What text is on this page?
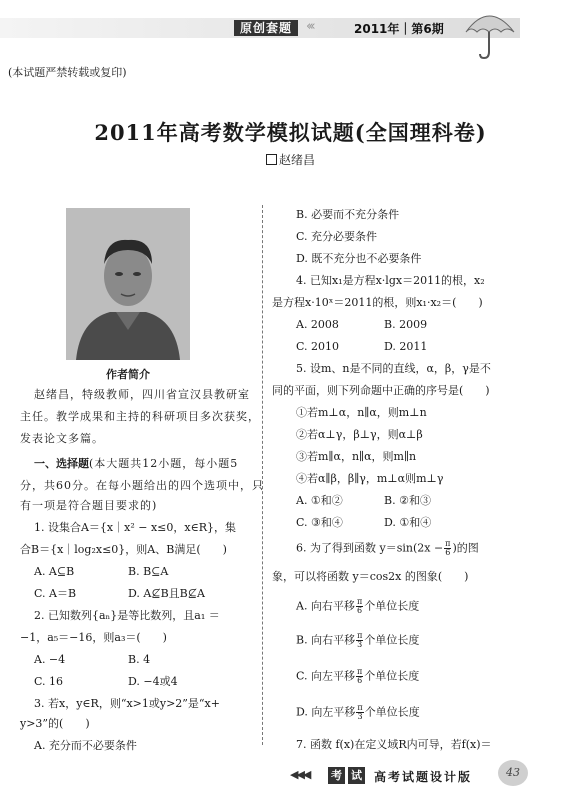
原创套题	‹‹‹	2011年｜第6期
(本试题严禁转载或复印)
2011年高考数学模拟试题(全国理科卷)
赵绪昌
作者简介
赵绪昌，特级教师，四川省宣汉县教研室
主任。教学成果和主持的科研项目多次获奖，
发表论文多篇。
一、选择题(本大题共12小题，每小题5
分，共60分。在每小题给出的四个选项中，只
有一项是符合题目要求的)
1. 设集合A＝{x｜x² − x≤0，x∈R}，集
合B＝{x｜log₂x≤0}，则A、B满足(　　)
A. A⊆B	B. B⊆A
C. A＝B	D. A⊈B且B⊈A
2. 已知数列{aₙ}是等比数列，且a₁ ＝
−1，a₅＝−16，则a₃＝(　　)
A. −4	B. 4
C. 16	D. −4或4
3. 若x，y∈R，则“x>1或y>2”是“x+
y>3”的(　　)
A. 充分而不必要条件
B. 必要而不充分条件
C. 充分必要条件
D. 既不充分也不必要条件
4. 已知x₁是方程x·lgx＝2011的根，x₂
是方程x·10ˣ＝2011的根，则x₁·x₂＝(　　)
A. 2008	B. 2009
C. 2010	D. 2011
5. 设m、n是不同的直线，α，β，γ是不
同的平面，则下列命题中正确的序号是(　　)
①若m⊥α，n∥α，则m⊥n
②若α⊥γ，β⊥γ，则α⊥β
③若m∥α，n∥α，则m∥n
④若α∥β，β∥γ，m⊥α则m⊥γ
A. ①和②	B. ②和③
C. ③和④	D. ①和④
6. 为了得到函数 $y=\sin(2x - \frac{\pi}{6}$ )的图
象，可以将函数 y＝cos2x 的图象(　　)
A. 向右平移 $\frac{\pi}{6}$ 个单位长度
B. 向右平移 $\frac{\pi}{3}$ 个单位长度
C. 向左平移 $\frac{\pi}{6}$ 个单位长度
D. 向左平移 $\frac{\pi}{3}$ 个单位长度
7. 函数 f(x)在定义域R内可导，若f(x)＝
◀◀◀ 考 试 高考试题设计版	43
